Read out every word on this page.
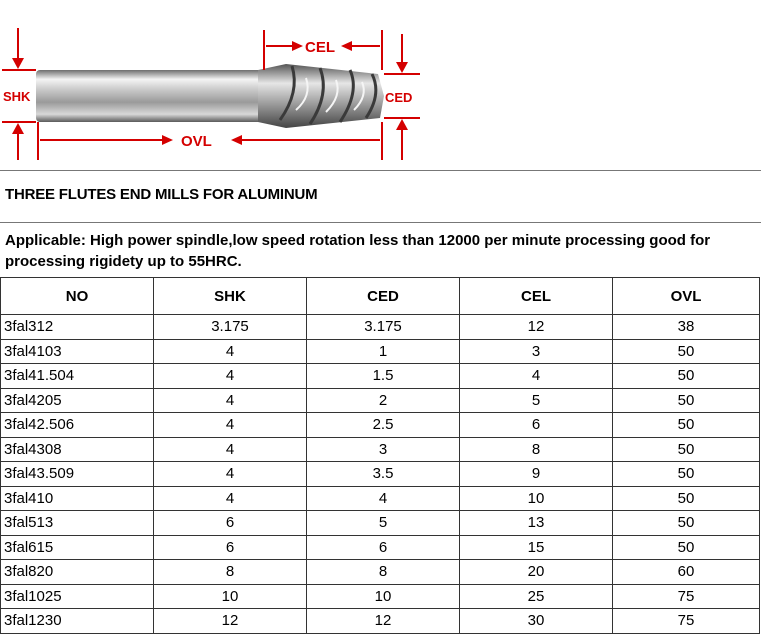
SHK	CED
CEL
OVL
THREE FLUTES END MILLS FOR ALUMINUM
Applicable: High power spindle,low speed rotation less than 12000 per minute processing good for processing rigidety up to 55HRC.
NO	SHK	CED	CEL	OVL
3fal312	3.175	3.175	12	38
3fal4103	4	1	3	50
3fal41.504	4	1.5	4	50
3fal4205	4	2	5	50
3fal42.506	4	2.5	6	50
3fal4308	4	3	8	50
3fal43.509	4	3.5	9	50
3fal410	4	4	10	50
3fal513	6	5	13	50
3fal615	6	6	15	50
3fal820	8	8	20	60
3fal1025	10	10	25	75
3fal1230	12	12	30	75
